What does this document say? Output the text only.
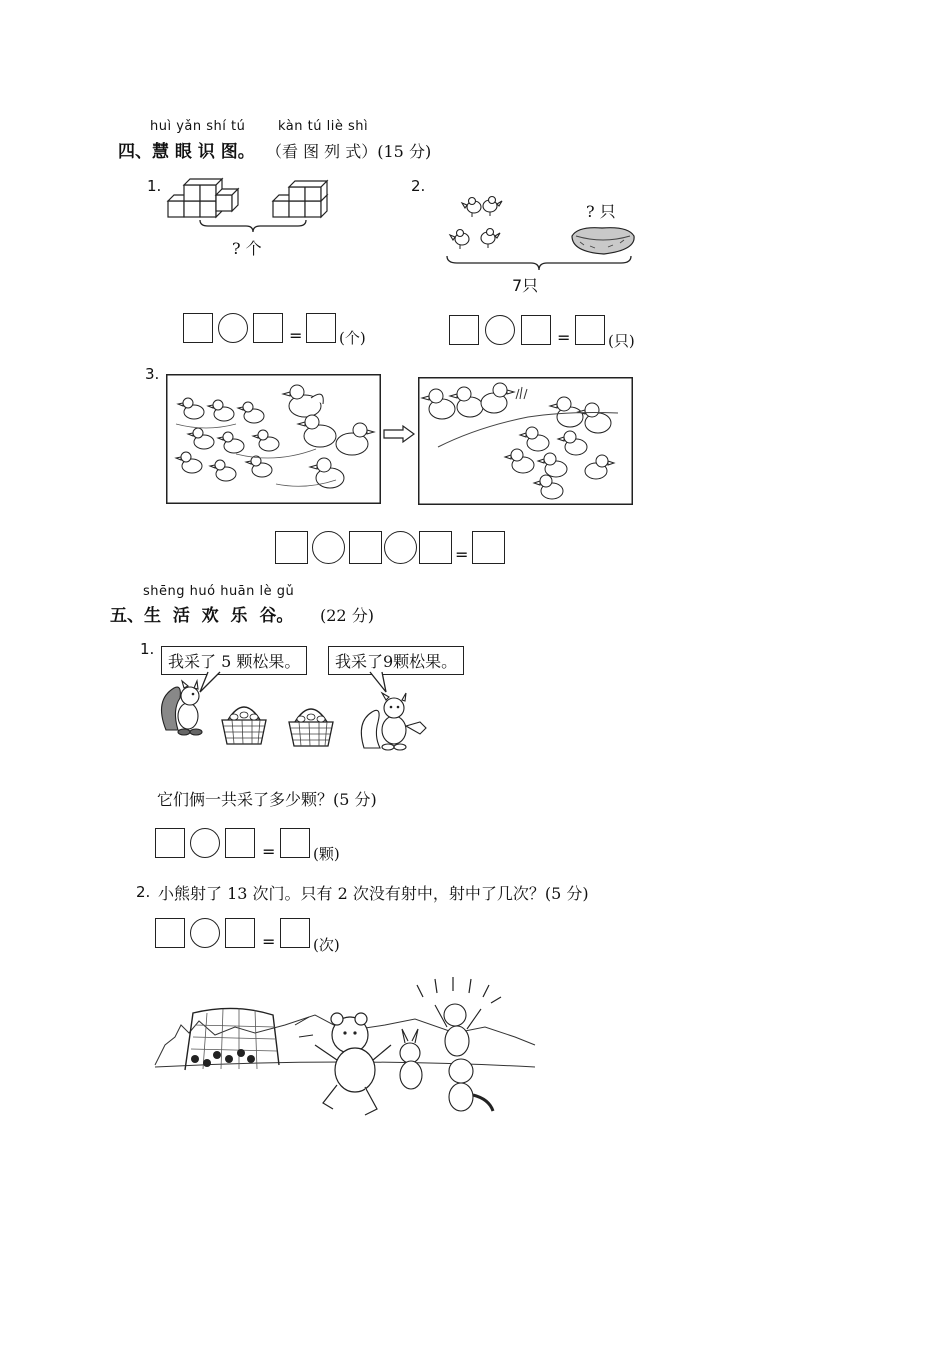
huì yǎn shí tú	kàn tú liè shì
四、慧 眼 识 图。 （看 图 列 式）(15 分)
1.
? 个
= (个)
2.
? 只
7只
=	(只)
3.
=
shēng huó huān lè gǔ
五、生  活  欢  乐  谷。 (22 分)
1.
我采了 5 颗松果。	我采了9颗松果。
它们俩一共采了多少颗？(5 分)
=	(颗)
2. 小熊射了 13 次门。只有 2 次没有射中，射中了几次？(5 分)
=	(次)
